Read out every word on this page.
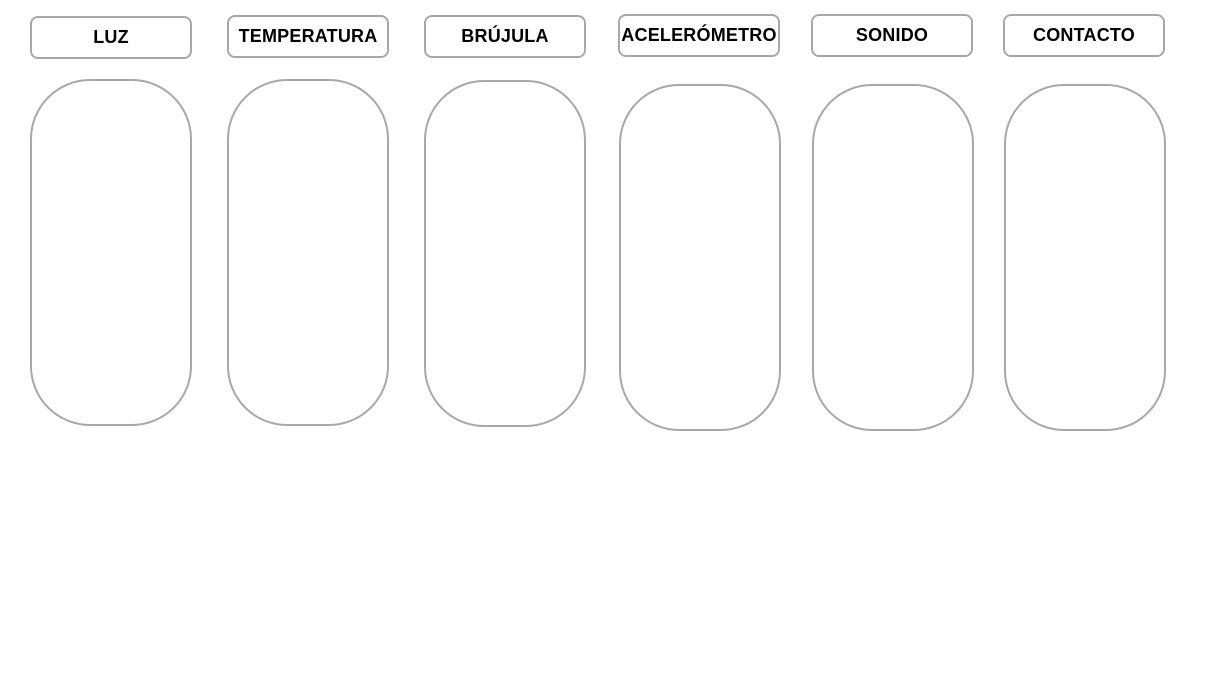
LUZ	TEMPERATURA	BRÚJULA	ACELERÓMETRO	SONIDO	CONTACTO
